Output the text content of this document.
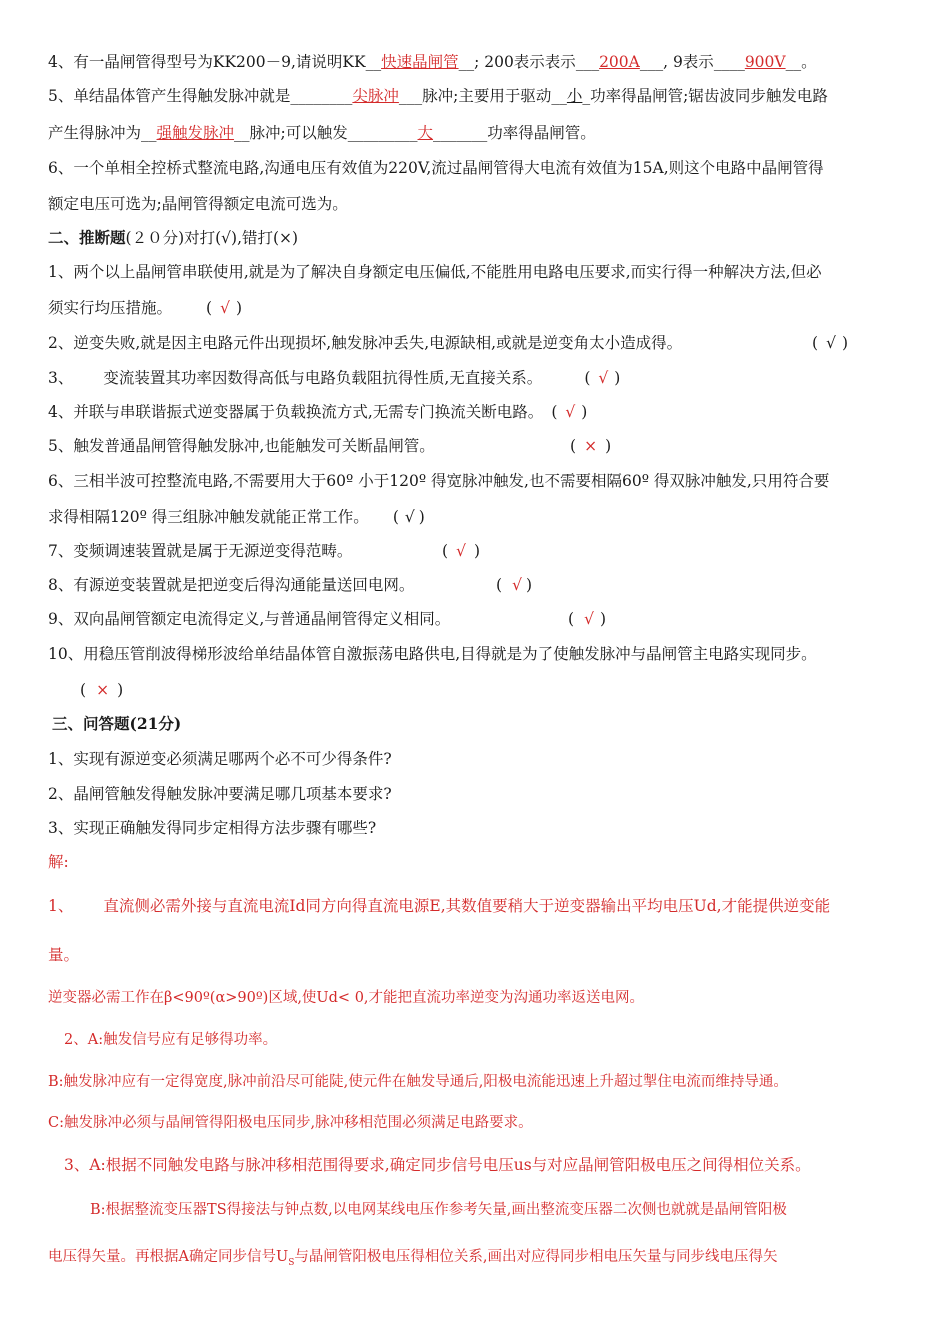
4、有一晶闸管得型号为KK200－9,请说明KK__快速晶闸管__; 200表示表示___200A___, 9表示____900V__。
5、单结晶体管产生得触发脉冲就是________尖脉冲___脉冲;主要用于驱动__小_功率得晶闸管;锯齿波同步触发电路
产生得脉冲为__强触发脉冲__脉冲;可以触发_________大_______功率得晶闸管。
6、一个单相全控桥式整流电路,沟通电压有效值为220V,流过晶闸管得大电流有效值为15A,则这个电路中晶闸管得
额定电压可选为;晶闸管得额定电流可选为。
二、推断题(２０分)对打(√),错打(×)
1、两个以上晶闸管串联使用,就是为了解决自身额定电压偏低,不能胜用电路电压要求,而实行得一种解决方法,但必
须实行均压措施。 ( √ )
2、逆变失败,就是因主电路元件出现损坏,触发脉冲丢失,电源缺相,或就是逆变角太小造成得。	( √ )
3、 变流装置其功率因数得高低与电路负载阻抗得性质,无直接关系。	( √ )
4、并联与串联谐振式逆变器属于负载换流方式,无需专门换流关断电路。 ( √ )
5、触发普通晶闸管得触发脉冲,也能触发可关断晶闸管。	( × )
6、三相半波可控整流电路,不需要用大于60º 小于120º 得宽脉冲触发,也不需要相隔60º 得双脉冲触发,只用符合要
求得相隔120º 得三组脉冲触发就能正常工作。 ( √ )
7、变频调速装置就是属于无源逆变得范畴。	( √ )
8、有源逆变装置就是把逆变后得沟通能量送回电网。	( √ )
9、双向晶闸管额定电流得定义,与普通晶闸管得定义相同。	( √ )
10、用稳压管削波得梯形波给单结晶体管自激振荡电路供电,目得就是为了使触发脉冲与晶闸管主电路实现同步。
( × )
三、问答题(21分)
1、实现有源逆变必须满足哪两个必不可少得条件?
2、晶闸管触发得触发脉冲要满足哪几项基本要求?
3、实现正确触发得同步定相得方法步骤有哪些?
解:
1、 直流侧必需外接与直流电流Id同方向得直流电源E,其数值要稍大于逆变器输出平均电压Ud,才能提供逆变能
量。
逆变器必需工作在β<90º(α>90º)区域,使Ud< 0,才能把直流功率逆变为沟通功率返送电网。
2、A:触发信号应有足够得功率。
B:触发脉冲应有一定得宽度,脉冲前沿尽可能陡,使元件在触发导通后,阳极电流能迅速上升超过掣住电流而维持导通。
C:触发脉冲必须与晶闸管得阳极电压同步,脉冲移相范围必须满足电路要求。
3、A:根据不同触发电路与脉冲移相范围得要求,确定同步信号电压us与对应晶闸管阳极电压之间得相位关系。
B:根据整流变压器TS得接法与钟点数,以电网某线电压作参考矢量,画出整流变压器二次侧也就就是晶闸管阳极
电压得矢量。再根据A确定同步信号$U_S$与晶闸管阳极电压得相位关系,画出对应得同步相电压矢量与同步线电压得矢
